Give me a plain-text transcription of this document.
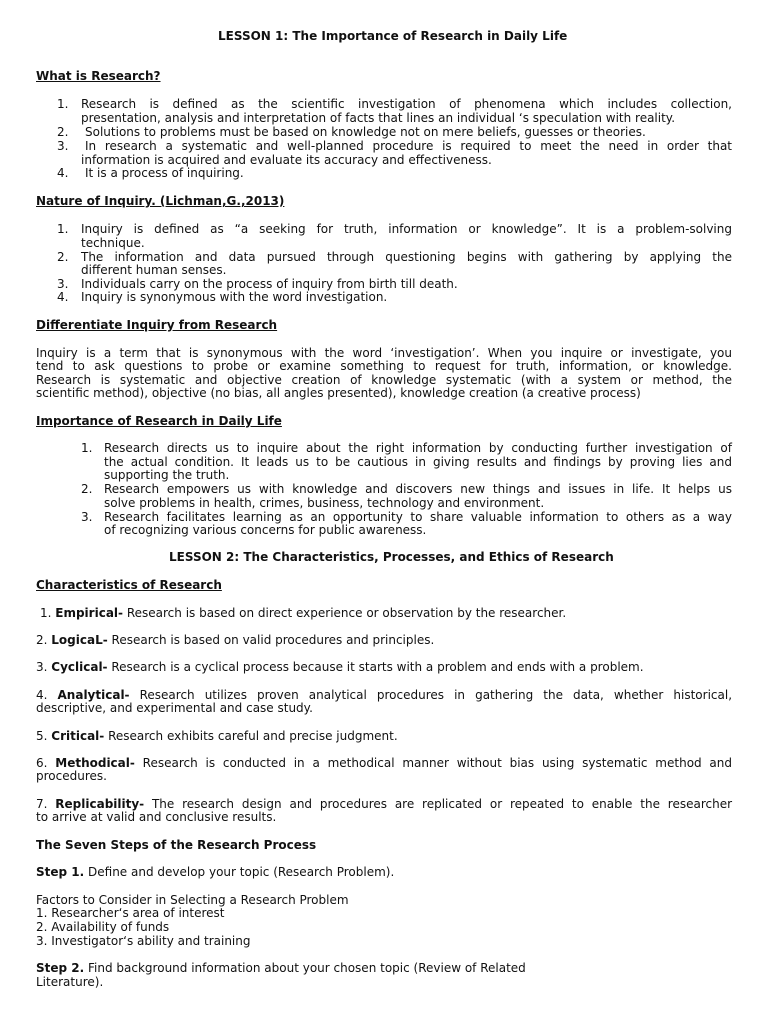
LESSON 1: The Importance of Research in Daily Life
What is Research?
1. Research is defined as the scientific investigation of phenomena which includes collection,
presentation, analysis and interpretation of facts that lines an individual ‘s speculation with reality.
2. Solutions to problems must be based on knowledge not on mere beliefs, guesses or theories.
3. In research a systematic and well-planned procedure is required to meet the need in order that
information is acquired and evaluate its accuracy and effectiveness.
4. It is a process of inquiring.
Nature of Inquiry. (Lichman,G.,2013)
1. Inquiry is defined as “a seeking for truth, information or knowledge”. It is a problem-solving
technique.
2. The information and data pursued through questioning begins with gathering by applying the
different human senses.
3. Individuals carry on the process of inquiry from birth till death.
4. Inquiry is synonymous with the word investigation.
Differentiate Inquiry from Research
Inquiry is a term that is synonymous with the word ‘investigation’. When you inquire or investigate, you
tend to ask questions to probe or examine something to request for truth, information, or knowledge.
Research is systematic and objective creation of knowledge systematic (with a system or method, the
scientific method), objective (no bias, all angles presented), knowledge creation (a creative process)
Importance of Research in Daily Life
1. Research directs us to inquire about the right information by conducting further investigation of
the actual condition. It leads us to be cautious in giving results and findings by proving lies and
supporting the truth.
2. Research empowers us with knowledge and discovers new things and issues in life. It helps us
solve problems in health, crimes, business, technology and environment.
3. Research facilitates learning as an opportunity to share valuable information to others as a way
of recognizing various concerns for public awareness.
LESSON 2: The Characteristics, Processes, and Ethics of Research
Characteristics of Research
1. Empirical- Research is based on direct experience or observation by the researcher.
2. LogicaL- Research is based on valid procedures and principles.
3. Cyclical- Research is a cyclical process because it starts with a problem and ends with a problem.
4. Analytical- Research utilizes proven analytical procedures in gathering the data, whether historical,
descriptive, and experimental and case study.
5. Critical- Research exhibits careful and precise judgment.
6. Methodical- Research is conducted in a methodical manner without bias using systematic method and
procedures.
7. Replicability- The research design and procedures are replicated or repeated to enable the researcher
to arrive at valid and conclusive results.
The Seven Steps of the Research Process
Step 1. Define and develop your topic (Research Problem).
Factors to Consider in Selecting a Research Problem
1. Researcher‘s area of interest
2. Availability of funds
3. Investigator‘s ability and training
Step 2. Find background information about your chosen topic (Review of Related
Literature).
